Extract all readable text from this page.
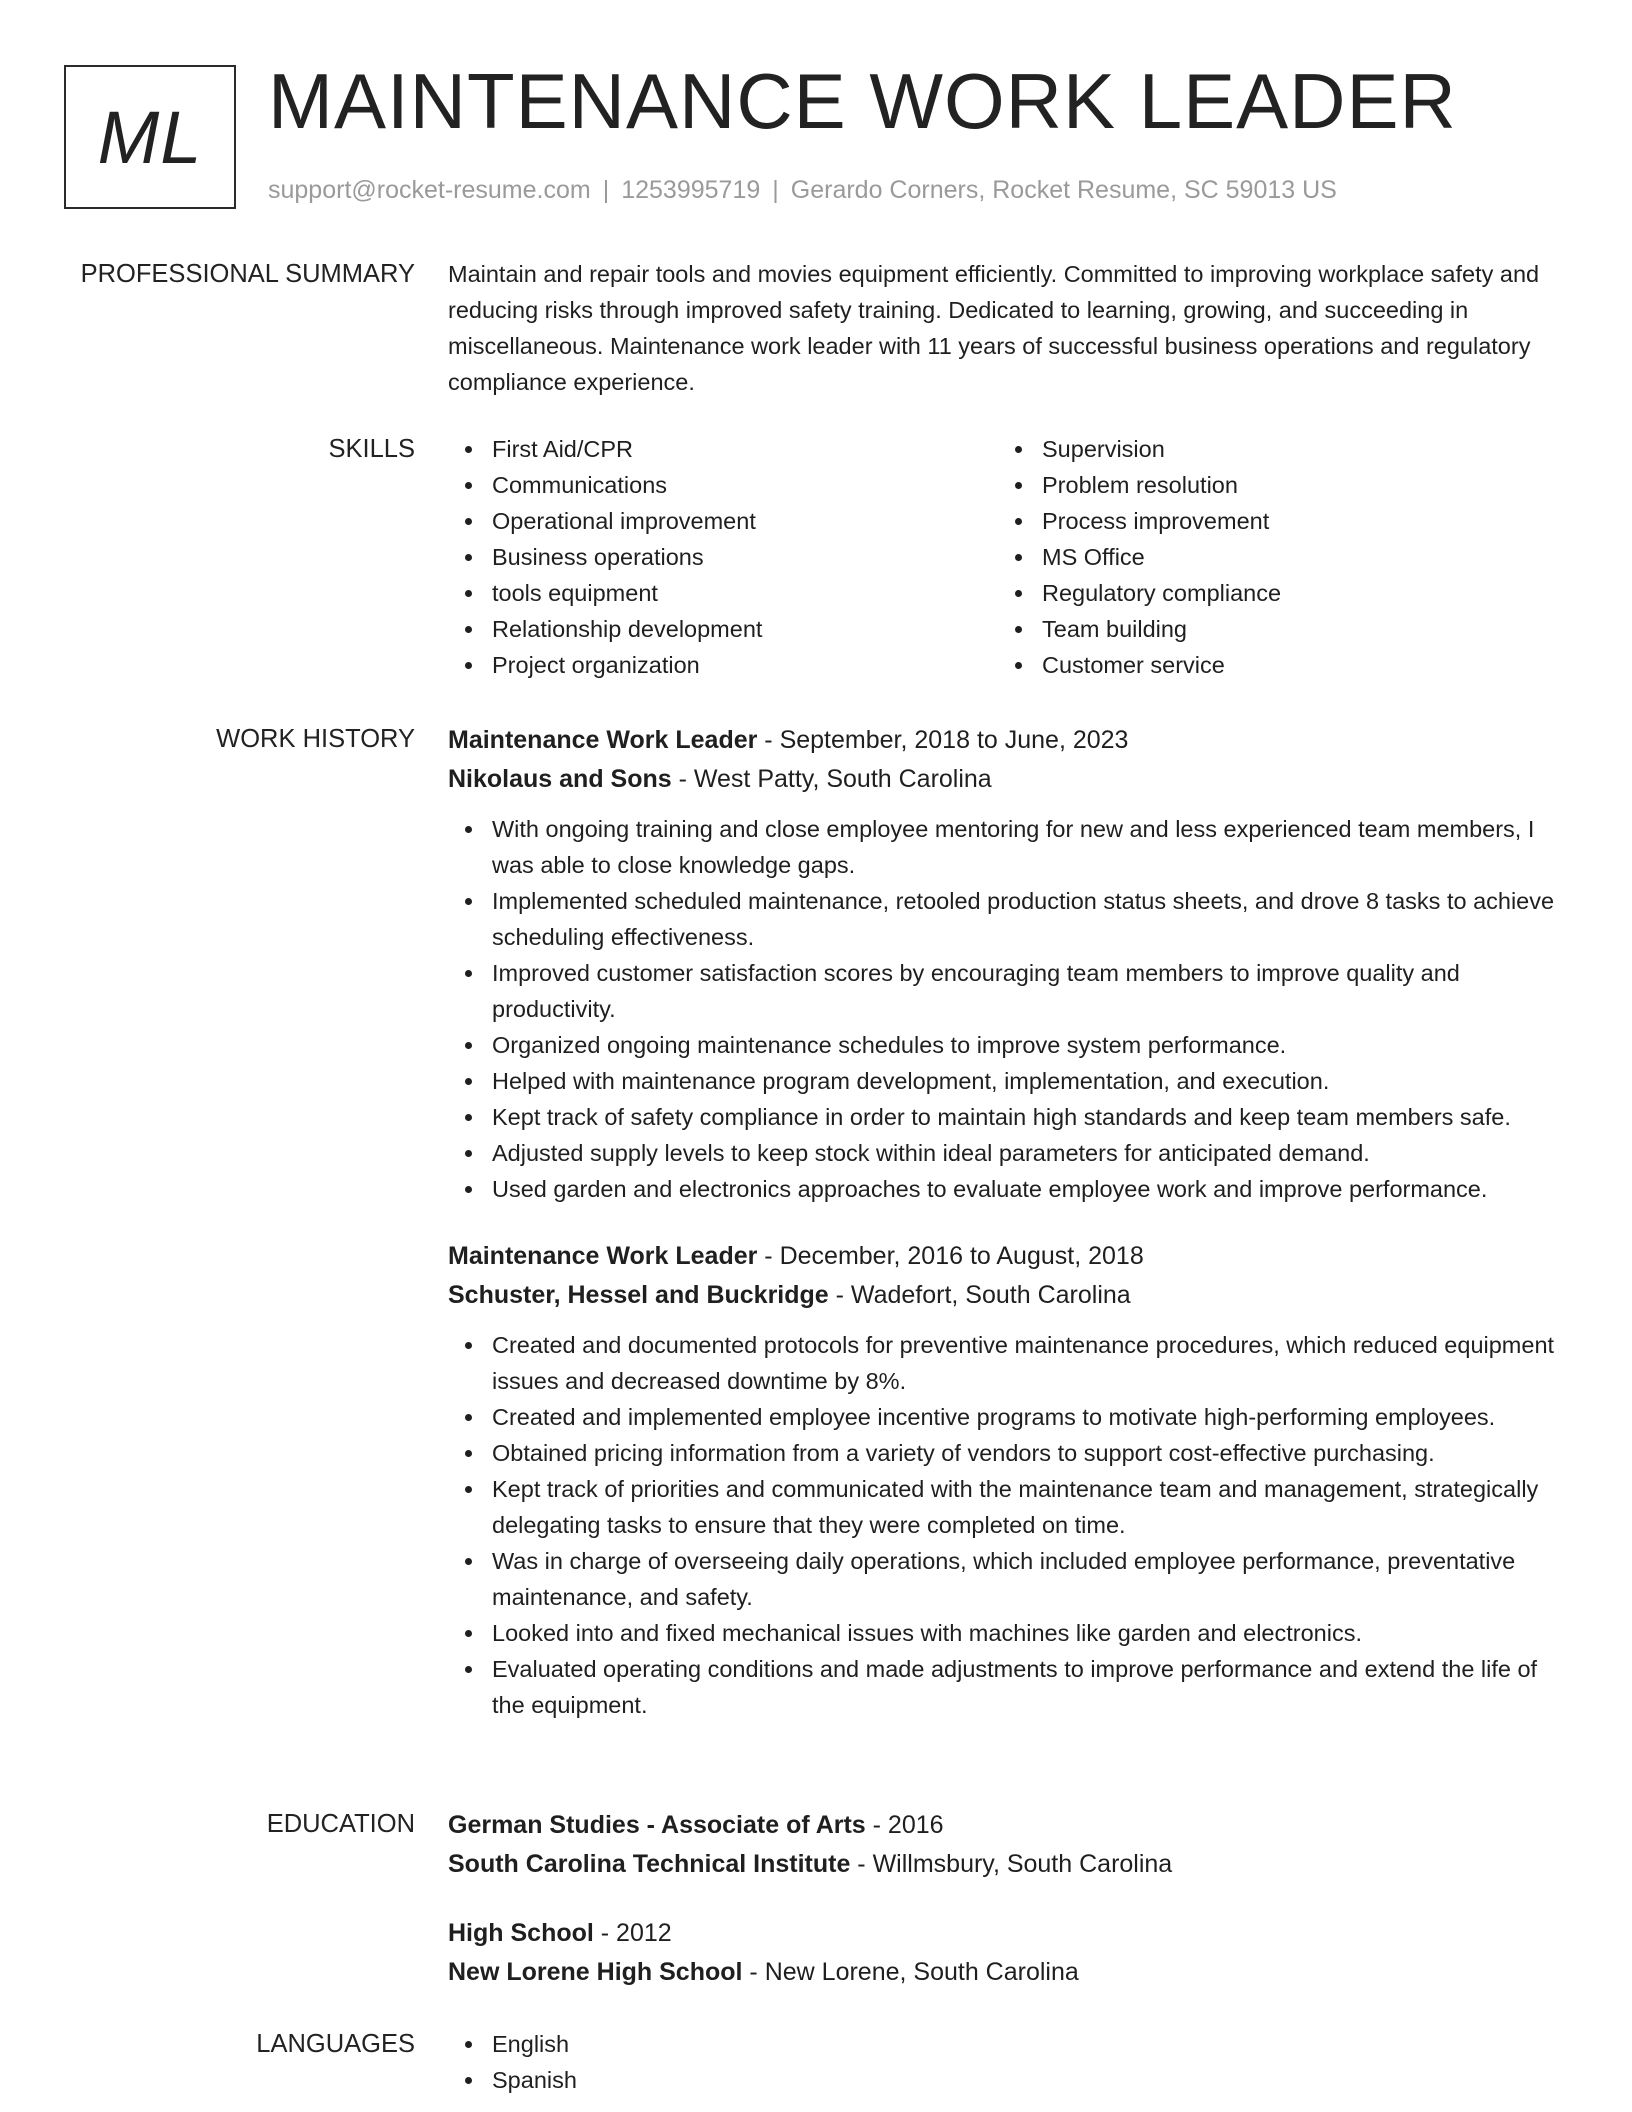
ML MAINTENANCE WORK LEADER
support@rocket-resume.com | 1253995719 | Gerardo Corners, Rocket Resume, SC 59013 US
PROFESSIONAL SUMMARY Maintain and repair tools and movies equipment efficiently. Committed to improving workplace safety and reducing risks through improved safety training. Dedicated to learning, growing, and succeeding in miscellaneous. Maintenance work leader with 11 years of successful business operations and regulatory compliance experience.
SKILLS	First Aid/CPR
Communications
Operational improvement
Business operations
tools equipment
Relationship development
Project organization
Supervision
Problem resolution
Process improvement
MS Office
Regulatory compliance
Team building
Customer service
WORK HISTORY Maintenance Work Leader - September, 2018 to June, 2023
Nikolaus and Sons - West Patty, South Carolina
With ongoing training and close employee mentoring for new and less experienced team members, I was able to close knowledge gaps.
Implemented scheduled maintenance, retooled production status sheets, and drove 8 tasks to achieve scheduling effectiveness.
Improved customer satisfaction scores by encouraging team members to improve quality and productivity.
Organized ongoing maintenance schedules to improve system performance.
Helped with maintenance program development, implementation, and execution.
Kept track of safety compliance in order to maintain high standards and keep team members safe.
Adjusted supply levels to keep stock within ideal parameters for anticipated demand.
Used garden and electronics approaches to evaluate employee work and improve performance.
Maintenance Work Leader - December, 2016 to August, 2018
Schuster, Hessel and Buckridge - Wadefort, South Carolina
Created and documented protocols for preventive maintenance procedures, which reduced equipment issues and decreased downtime by 8%.
Created and implemented employee incentive programs to motivate high-performing employees.
Obtained pricing information from a variety of vendors to support cost-effective purchasing.
Kept track of priorities and communicated with the maintenance team and management, strategically delegating tasks to ensure that they were completed on time.
Was in charge of overseeing daily operations, which included employee performance, preventative maintenance, and safety.
Looked into and fixed mechanical issues with machines like garden and electronics.
Evaluated operating conditions and made adjustments to improve performance and extend the life of the equipment.
EDUCATION German Studies - Associate of Arts - 2016
South Carolina Technical Institute - Willmsbury, South Carolina
High School - 2012
New Lorene High School - New Lorene, South Carolina
LANGUAGES	English
Spanish
